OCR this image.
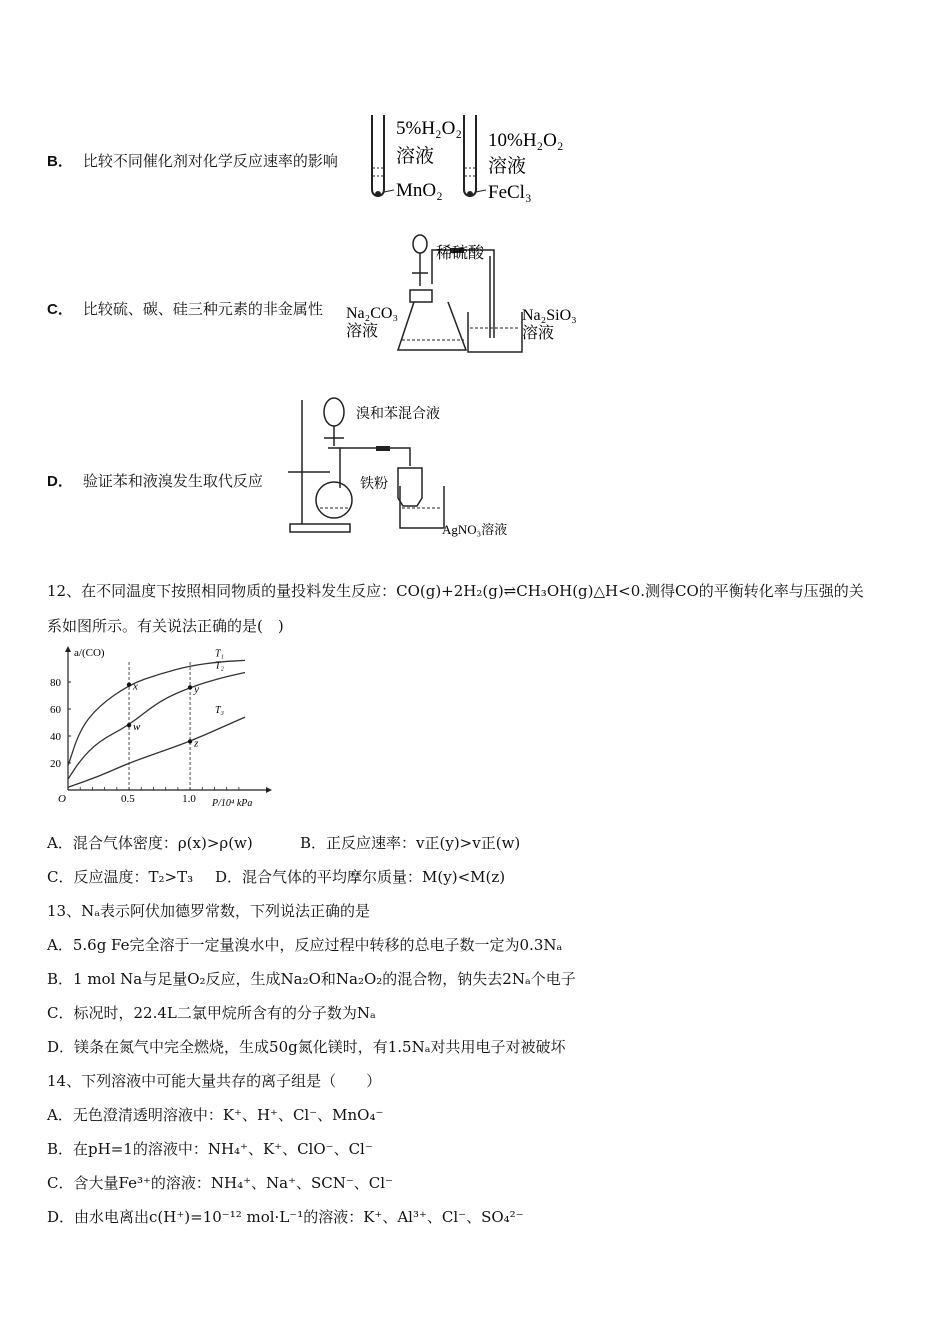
B． 比较不同催化剂对化学反应速率的影响
5%H₂O₂
溶液
MnO₂
10%H₂O₂
溶液
FeCl₃
C． 比较硫、碳、硅三种元素的非金属性
稀硫酸
Na₂CO₃
溶液
Na₂SiO₃
溶液
D． 验证苯和液溴发生取代反应
溴和苯混合液
铁粉
AgNO₃溶液
12、在不同温度下按照相同物质的量投料发生反应：CO(g)+2H₂(g)⇌CH₃OH(g)△H<0.测得CO的平衡转化率与压强的关
系如图所示。有关说法正确的是(　)
a/(CO)
P/10⁴ kPa
O
20
40
60
80
0.5	1.0
T₁
T₂
T₃
x
w
y
z
A．混合气体密度：ρ(x)>ρ(w)	B．正反应速率：v正(y)>v正(w)
C．反应温度：T₂>T₃ D．混合气体的平均摩尔质量：M(y)<M(z)
13、Nₐ表示阿伏加德罗常数，下列说法正确的是
A．5.6g Fe完全溶于一定量溴水中，反应过程中转移的总电子数一定为0.3Nₐ
B．1 mol Na与足量O₂反应，生成Na₂O和Na₂O₂的混合物，钠失去2Nₐ个电子
C．标况时，22.4L二氯甲烷所含有的分子数为Nₐ
D．镁条在氮气中完全燃烧，生成50g氮化镁时，有1.5Nₐ对共用电子对被破坏
14、下列溶液中可能大量共存的离子组是（　　）
A．无色澄清透明溶液中：K⁺、H⁺、Cl⁻、MnO₄⁻
B．在pH=1的溶液中：NH₄⁺、K⁺、ClO⁻、Cl⁻
C．含大量Fe³⁺的溶液：NH₄⁺、Na⁺、SCN⁻、Cl⁻
D．由水电离出c(H⁺)=10⁻¹² mol·L⁻¹的溶液：K⁺、Al³⁺、Cl⁻、SO₄²⁻
